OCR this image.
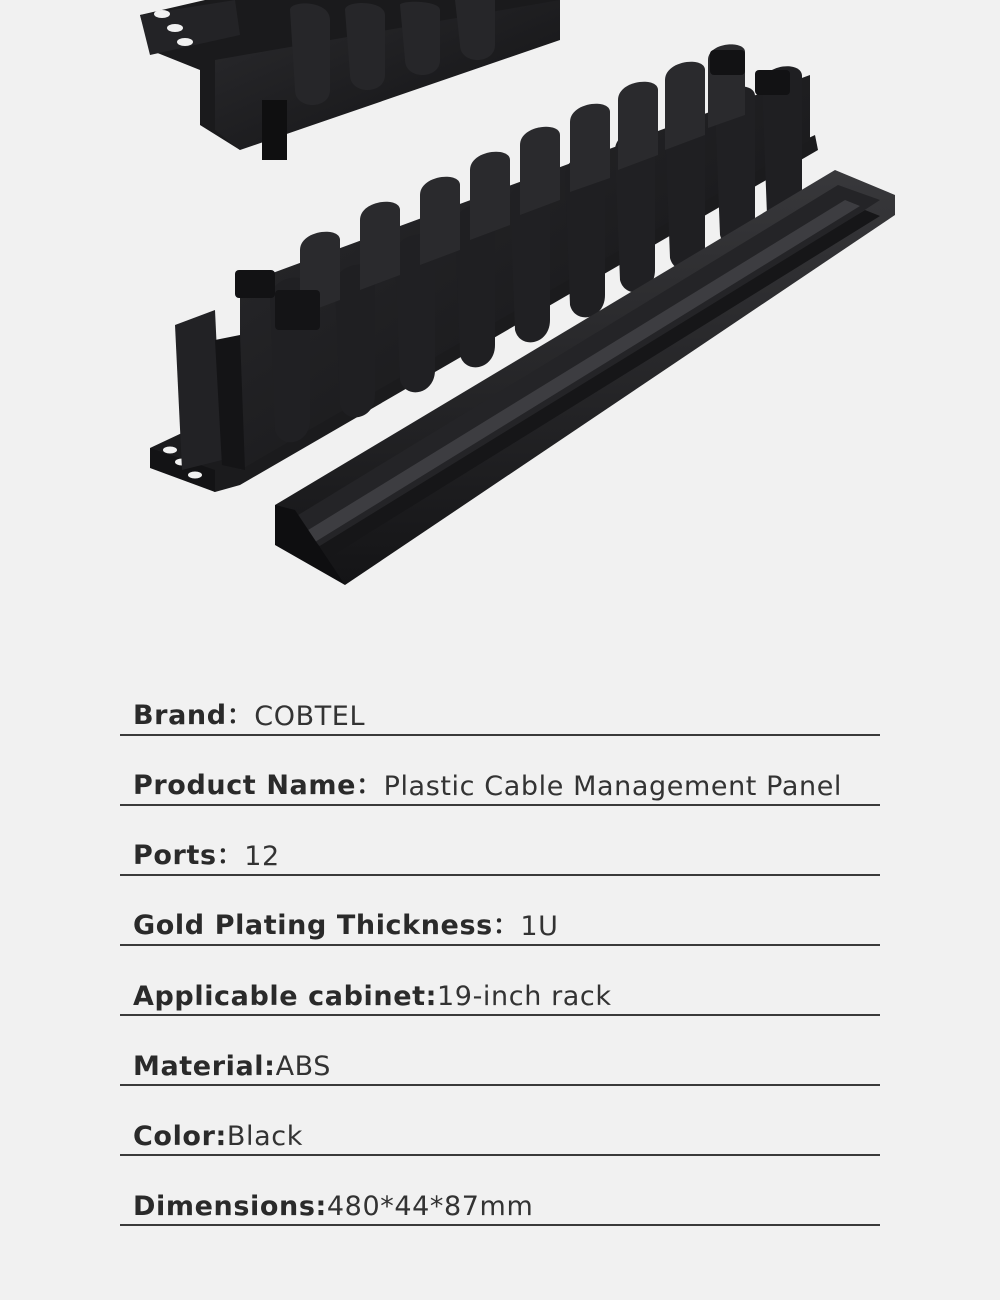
Brand： COBTEL
Product Name： Plastic Cable Management Panel
Ports： 12
Gold Plating Thickness： 1U
Applicable cabinet: 19-inch rack
Material: ABS
Color: Black
Dimensions: 480*44*87mm
